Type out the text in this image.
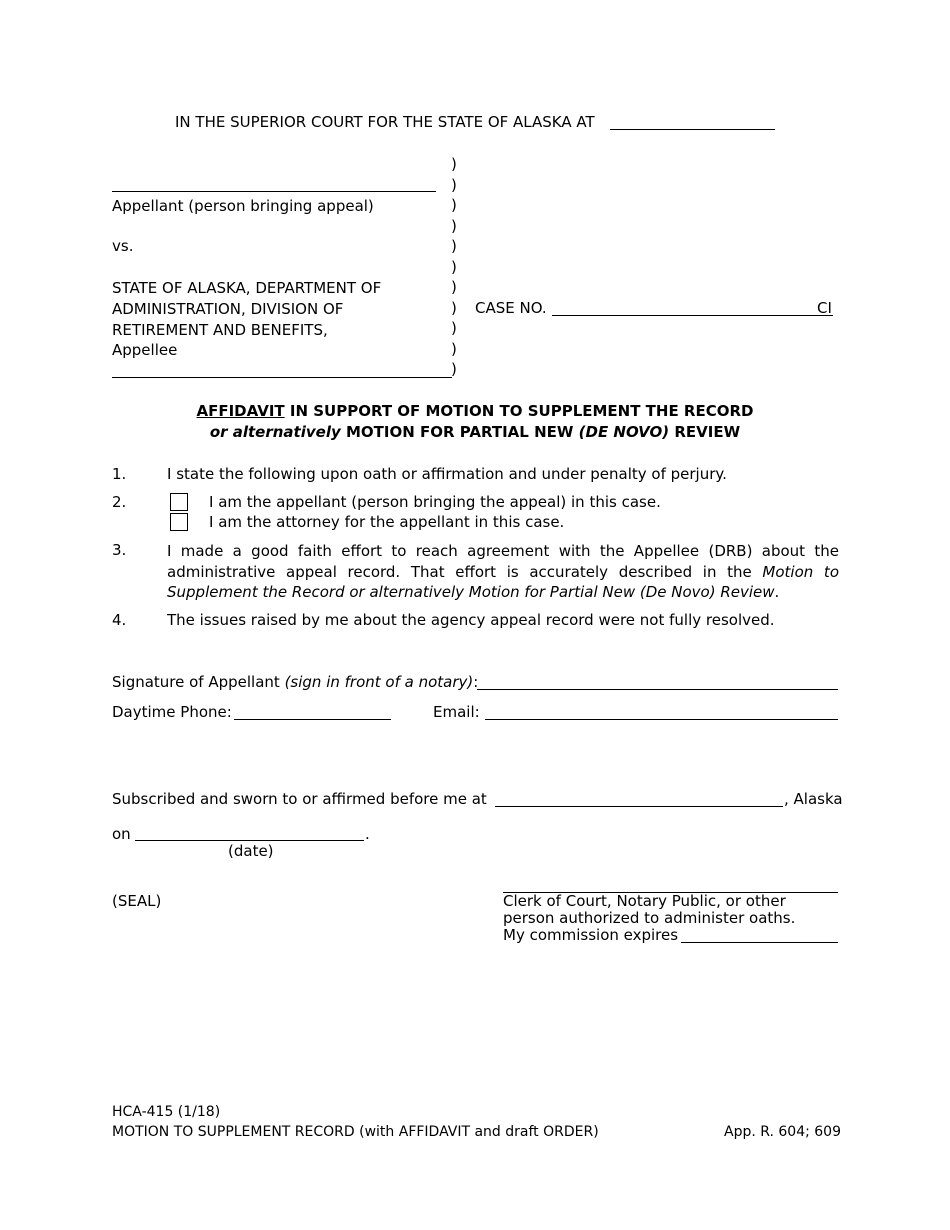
IN THE SUPERIOR COURT FOR THE STATE OF ALASKA AT
Appellant (person bringing appeal)
vs.
STATE OF ALASKA, DEPARTMENT OF
ADMINISTRATION, DIVISION OF
RETIREMENT AND BENEFITS,
Appellee
)
)
)
)
)
)
)
)
)
)
)
CASE NO.	CI
AFFIDAVIT IN SUPPORT OF MOTION TO SUPPLEMENT THE RECORD
or alternatively MOTION FOR PARTIAL NEW (DE NOVO) REVIEW
1.	I state the following upon oath or affirmation and under penalty of perjury.
2.	I am the appellant (person bringing the appeal) in this case.
I am the attorney for the appellant in this case.
3.	I made a good faith effort to reach agreement with the Appellee (DRB) about the administrative appeal record. That effort is accurately described in the Motion to Supplement the Record or alternatively Motion for Partial New (De Novo) Review.
4.	The issues raised by me about the agency appeal record were not fully resolved.
Signature of Appellant (sign in front of a notary):
Daytime Phone:	Email:
Subscribed and sworn to or affirmed before me at	, Alaska
on	.
(date)
(SEAL)	Clerk of Court, Notary Public, or other
person authorized to administer oaths.
My commission expires
HCA-415 (1/18)
MOTION TO SUPPLEMENT RECORD (with AFFIDAVIT and draft ORDER)	App. R. 604; 609
